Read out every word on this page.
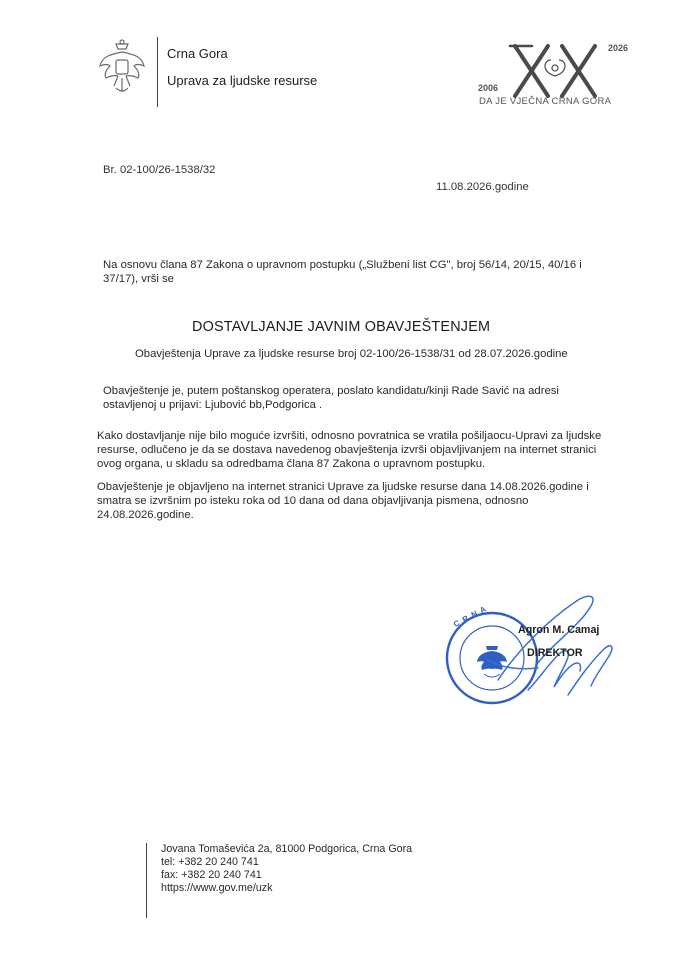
Crna Gora
Uprava za ljudske resurse
2026
2006
DA JE VJEČNA CRNA GORA
Br. 02-100/26-1538/32
11.08.2026.godine
Na osnovu člana 87 Zakona o upravnom postupku („Službeni list CG", broj 56/14, 20/15, 40/16 i
37/17), vrši se
DOSTAVLJANJE JAVNIM OBAVJEŠTENJEM
Obavještenja Uprave za ljudske resurse broj 02-100/26-1538/31 od 28.07.2026.godine
Obavještenje je, putem poštanskog operatera, poslato kandidatu/kinji Rade Savić na adresi
ostavljenoj u prijavi: Ljubović bb,Podgorica .
Kako dostavljanje nije bilo moguće izvršiti, odnosno povratnica se vratila pošiljaocu-Upravi za ljudske
resurse, odlučeno je da se dostava navedenog obavještenja izvrši objavljivanjem na internet stranici
ovog organa, u skladu sa odredbama člana 87 Zakona o upravnom postupku.
Obavještenje je objavljeno na internet stranici Uprave za ljudske resurse dana 14.08.2026.godine i
smatra se izvršnim po isteku roka od 10 dana od dana objavljivanja pismena, odnosno
24.08.2026.godine.
C R N A
Agron M. Camaj
DIREKTOR
Jovana Tomaševića 2a, 81000 Podgorica, Crna Gora
tel: +382 20 240 741
fax: +382 20 240 741
https://www.gov.me/uzk
